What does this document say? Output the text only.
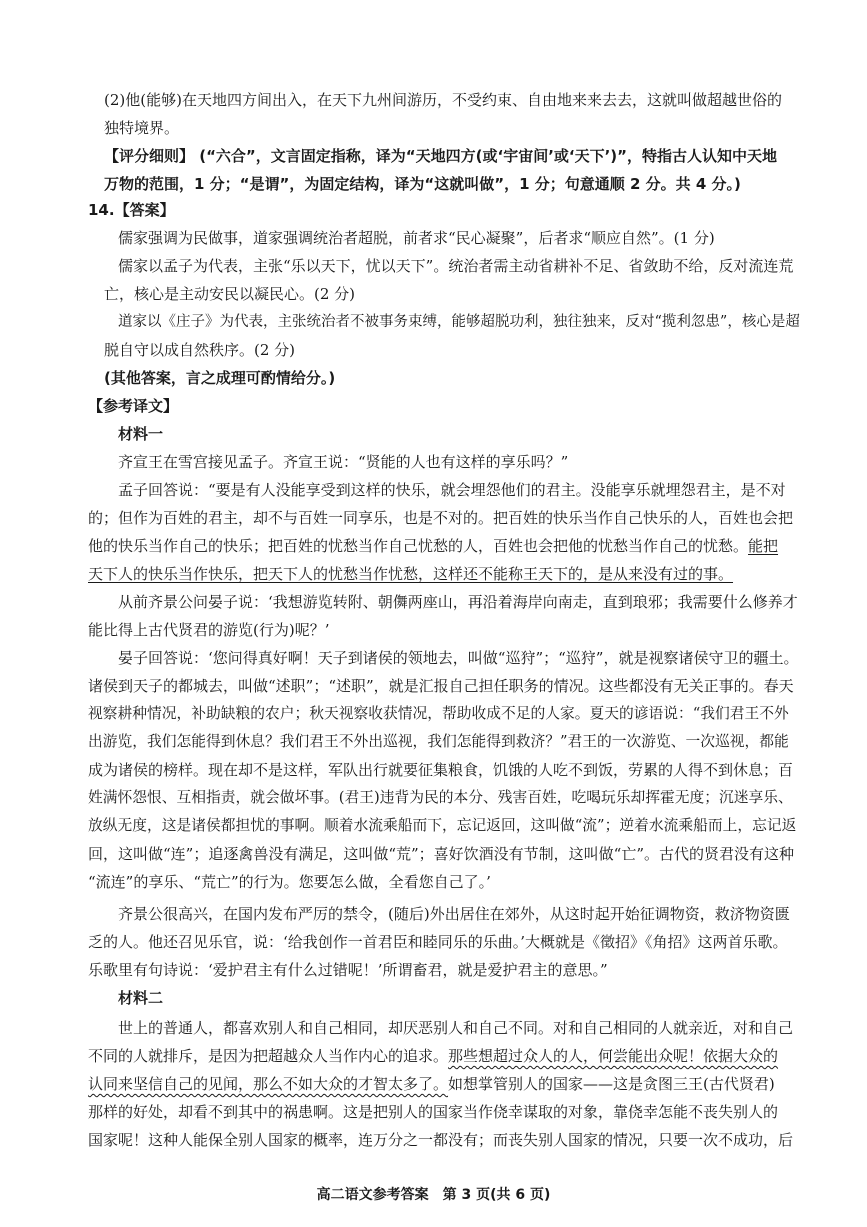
(2)他(能够)在天地四方间出入，在天下九州间游历，不受约束、自由地来来去去，这就叫做超越世俗的
独特境界。
【评分细则】 (“六合”，文言固定指称，译为“天地四方(或‘宇宙间’或‘天下’)”，特指古人认知中天地
万物的范围，1 分；“是谓”，为固定结构，译为“这就叫做”，1 分；句意通顺 2 分。共 4 分。)
14.【答案】
儒家强调为民做事，道家强调统治者超脱，前者求“民心凝聚”，后者求“顺应自然”。(1 分)
儒家以孟子为代表，主张“乐以天下，忧以天下”。统治者需主动省耕补不足、省敛助不给，反对流连荒
亡，核心是主动安民以凝民心。(2 分)
道家以《庄子》为代表，主张统治者不被事务束缚，能够超脱功利，独往独来，反对“揽利忽患”，核心是超
脱自守以成自然秩序。(2 分)
(其他答案，言之成理可酌情给分。)
【参考译文】
材料一
齐宣王在雪宫接见孟子。齐宣王说：“贤能的人也有这样的享乐吗？”
孟子回答说：“要是有人没能享受到这样的快乐，就会埋怨他们的君主。没能享乐就埋怨君主，是不对
的；但作为百姓的君主，却不与百姓一同享乐，也是不对的。把百姓的快乐当作自己快乐的人，百姓也会把
他的快乐当作自己的快乐；把百姓的忧愁当作自己忧愁的人，百姓也会把他的忧愁当作自己的忧愁。能把
天下人的快乐当作快乐，把天下人的忧愁当作忧愁，这样还不能称王天下的，是从来没有过的事。
从前齐景公问晏子说：‘我想游览转附、朝儛两座山，再沿着海岸向南走，直到琅邪；我需要什么修养才
能比得上古代贤君的游览(行为)呢？’
晏子回答说：‘您问得真好啊！天子到诸侯的领地去，叫做“巡狩”；“巡狩”，就是视察诸侯守卫的疆土。
诸侯到天子的都城去，叫做“述职”；“述职”，就是汇报自己担任职务的情况。这些都没有无关正事的。春天
视察耕种情况，补助缺粮的农户；秋天视察收获情况，帮助收成不足的人家。夏天的谚语说：“我们君王不外
出游览，我们怎能得到休息？我们君王不外出巡视，我们怎能得到救济？”君王的一次游览、一次巡视，都能
成为诸侯的榜样。现在却不是这样，军队出行就要征集粮食，饥饿的人吃不到饭，劳累的人得不到休息；百
姓满怀怨恨、互相指责，就会做坏事。(君王)违背为民的本分、残害百姓，吃喝玩乐却挥霍无度；沉迷享乐、
放纵无度，这是诸侯都担忧的事啊。顺着水流乘船而下，忘记返回，这叫做“流”；逆着水流乘船而上，忘记返
回，这叫做“连”；追逐禽兽没有满足，这叫做“荒”；喜好饮酒没有节制，这叫做“亡”。古代的贤君没有这种
“流连”的享乐、“荒亡”的行为。您要怎么做，全看您自己了。’
齐景公很高兴，在国内发布严厉的禁令，(随后)外出居住在郊外，从这时起开始征调物资，救济物资匮
乏的人。他还召见乐官，说：‘给我创作一首君臣和睦同乐的乐曲。’大概就是《徵招》《角招》这两首乐歌。
乐歌里有句诗说：‘爱护君主有什么过错呢！’所谓畜君，就是爱护君主的意思。”
材料二
世上的普通人，都喜欢别人和自己相同，却厌恶别人和自己不同。对和自己相同的人就亲近，对和自己
不同的人就排斥，是因为把超越众人当作内心的追求。那些想超过众人的人，何尝能出众呢！依据大众的
认同来坚信自己的见闻，那么不如大众的才智太多了。如想掌管别人的国家——这是贪图三王(古代贤君)
那样的好处，却看不到其中的祸患啊。这是把别人的国家当作侥幸谋取的对象，靠侥幸怎能不丧失别人的
国家呢！这种人能保全别人国家的概率，连万分之一都没有；而丧失别人国家的情况，只要一次不成功，后
高二语文参考答案　第 3 页(共 6 页)
